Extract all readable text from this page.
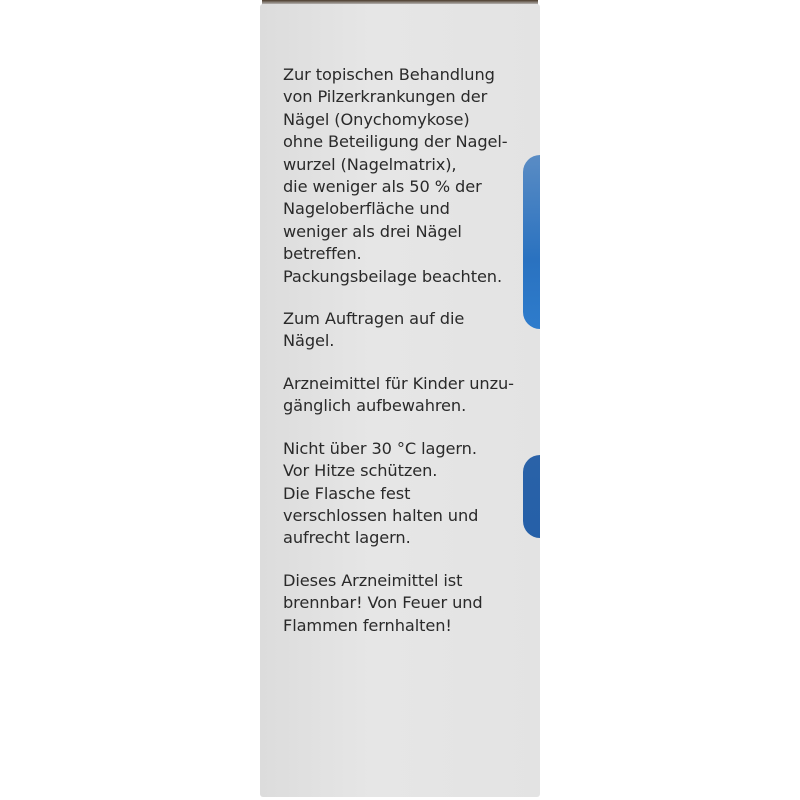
Zur topischen Behandlung
von Pilzerkrankungen der
Nägel (Onychomykose)
ohne Beteiligung der Nagel-
wurzel (Nagelmatrix),
die weniger als 50 % der
Nageloberfläche und
weniger als drei Nägel
betreffen.
Packungsbeilage beachten.
Zum Auftragen auf die
Nägel.
Arzneimittel für Kinder unzu-
gänglich aufbewahren.
Nicht über 30 °C lagern.
Vor Hitze schützen.
Die Flasche fest
verschlossen halten und
aufrecht lagern.
Dieses Arzneimittel ist
brennbar! Von Feuer und
Flammen fernhalten!
